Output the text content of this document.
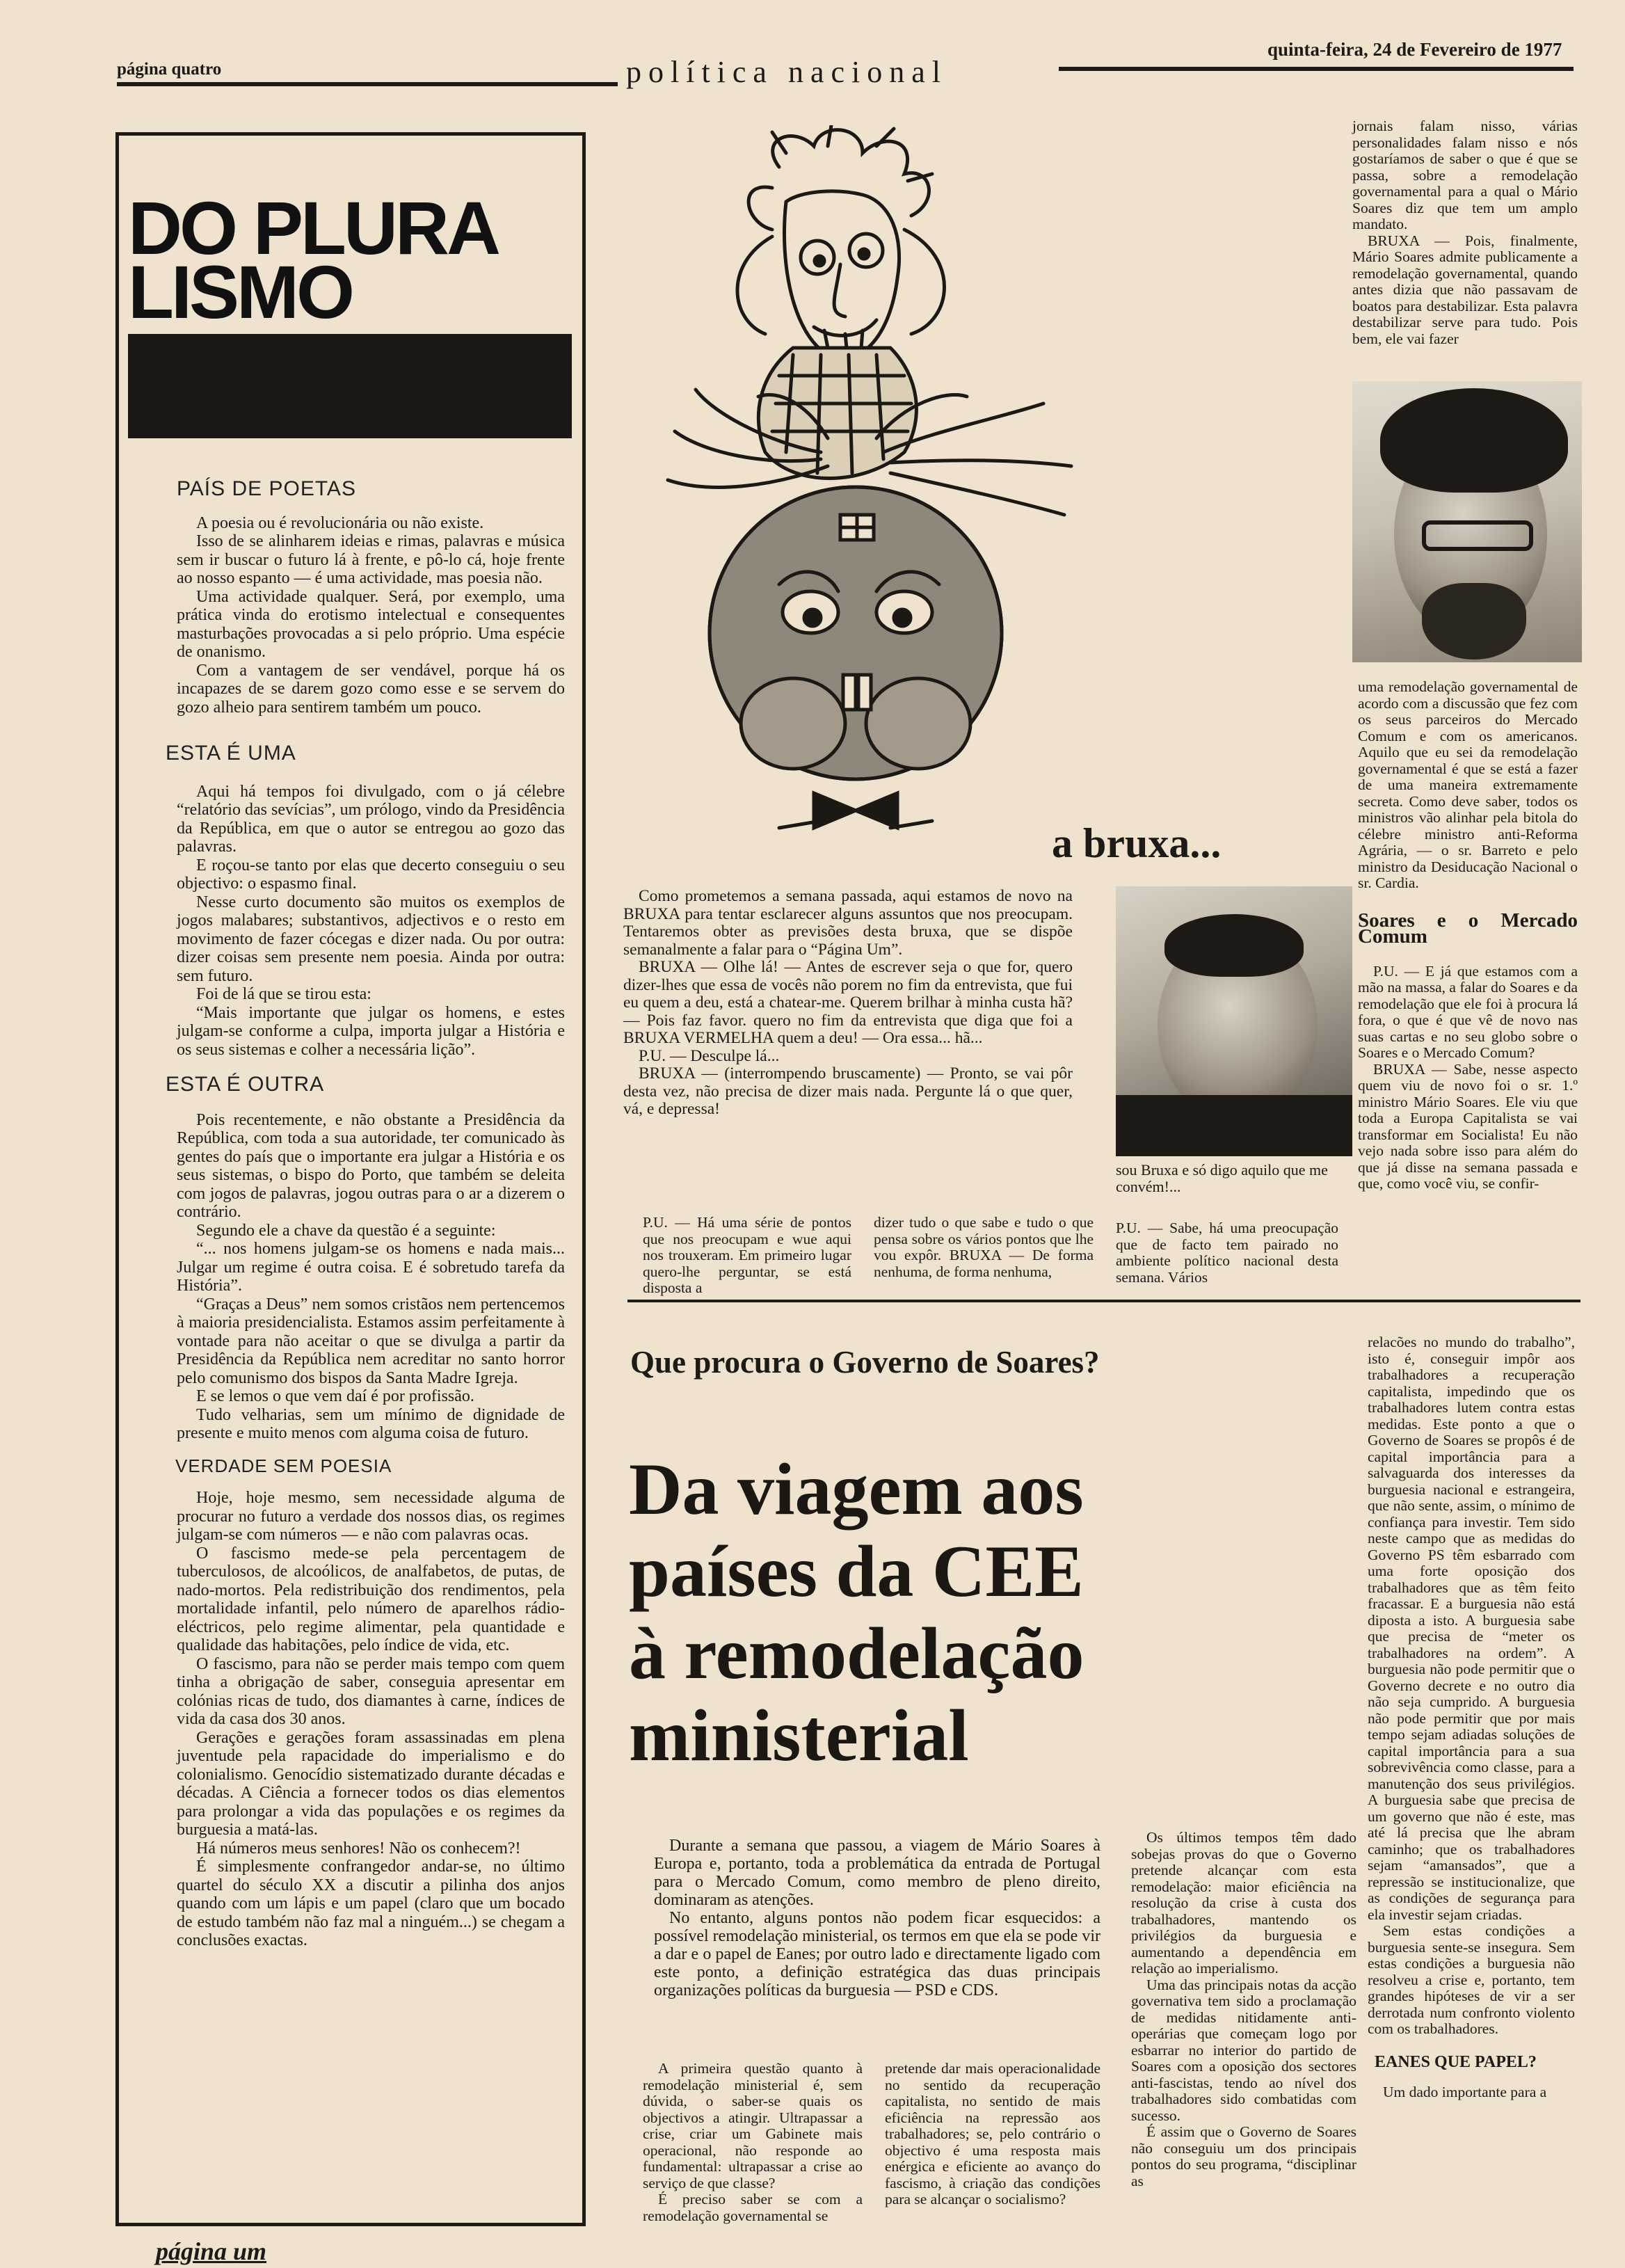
página quatro	política nacional
quinta-feira, 24 de Fevereiro de 1977
DO PLURA
LISMO
PAÍS DE POETAS

A poesia ou é revolucionária ou não existe.

Isso de se alinharem ideias e rimas, palavras e música sem ir buscar o futuro lá à frente, e pô-lo cá, hoje frente ao nosso espanto — é uma actividade, mas poesia não.

Uma actividade qualquer. Será, por exemplo, uma prática vinda do erotismo intelectual e consequentes masturbações provocadas a si pelo próprio. Uma espécie de onanismo.

Com a vantagem de ser vendável, porque há os incapazes de se darem gozo como esse e se servem do gozo alheio para sentirem também um pouco.

ESTA É UMA

Aqui há tempos foi divulgado, com o já célebre “relatório das sevícias”, um prólogo, vindo da Presidência da República, em que o autor se entregou ao gozo das palavras.

E roçou-se tanto por elas que decerto conseguiu o seu objectivo: o espasmo final.

Nesse curto documento são muitos os exemplos de jogos malabares; substantivos, adjectivos e o resto em movimento de fazer cócegas e dizer nada. Ou por outra: dizer coisas sem presente nem poesia. Ainda por outra: sem futuro.

Foi de lá que se tirou esta:

“Mais importante que julgar os homens, e estes julgam-se conforme a culpa, importa julgar a História e os seus sistemas e colher a necessária lição”.

ESTA É OUTRA

Pois recentemente, e não obstante a Presidência da República, com toda a sua autoridade, ter comunicado às gentes do país que o importante era julgar a História e os seus sistemas, o bispo do Porto, que também se deleita com jogos de palavras, jogou outras para o ar a dizerem o contrário.

Segundo ele a chave da questão é a seguinte:

“... nos homens julgam-se os homens e nada mais... Julgar um regime é outra coisa. E é sobretudo tarefa da História”.

“Graças a Deus” nem somos cristãos nem pertencemos à maioria presidencialista. Estamos assim perfeitamente à vontade para não aceitar o que se divulga a partir da Presidência da República nem acreditar no santo horror pelo comunismo dos bispos da Santa Madre Igreja.

E se lemos o que vem daí é por profissão.

Tudo velharias, sem um mínimo de dignidade de presente e muito menos com alguma coisa de futuro.

VERDADE SEM POESIA

Hoje, hoje mesmo, sem necessidade alguma de procurar no futuro a verdade dos nossos dias, os regimes julgam-se com números — e não com palavras ocas.

O fascismo mede-se pela percentagem de tuberculosos, de alcoólicos, de analfabetos, de putas, de nado-mortos. Pela redistribuição dos rendimentos, pela mortalidade infantil, pelo número de aparelhos rádio-eléctricos, pelo regime alimentar, pela quantidade e qualidade das habitações, pelo índice de vida, etc.

O fascismo, para não se perder mais tempo com quem tinha a obrigação de saber, conseguia apresentar em colónias ricas de tudo, dos diamantes à carne, índices de vida da casa dos 30 anos.

Gerações e gerações foram assassinadas em plena juventude pela rapacidade do imperialismo e do colonialismo. Genocídio sistematizado durante décadas e décadas. A Ciência a fornecer todos os dias elementos para prolongar a vida das populações e os regimes da burguesia a matá-las.

Há números meus senhores! Não os conhecem?!

É simplesmente confrangedor andar-se, no último quartel do século XX a discutir a pilinha dos anjos quando com um lápis e um papel (claro que um bocado de estudo também não faz mal a ninguém...) se chegam a conclusões exactas.

a bruxa...

Como prometemos a semana passada, aqui estamos de novo na BRUXA para tentar esclarecer alguns assuntos que nos preocupam. Tentaremos obter as previsões desta bruxa, que se dispõe semanalmente a falar para o “Página Um”.

BRUXA — Olhe lá! — Antes de escrever seja o que for, quero dizer-lhes que essa de vocês não porem no fim da entrevista, que fui eu quem a deu, está a chatear-me. Querem brilhar à minha custa hã? — Pois faz favor. quero no fim da entrevista que diga que foi a BRUXA VERMELHA quem a deu! — Ora essa... hã...

P.U. — Desculpe lá...

BRUXA — (interrompendo bruscamente) — Pronto, se vai pôr desta vez, não precisa de dizer mais nada. Pergunte lá o que quer, vá, e depressa!

sou Bruxa e só digo aquilo que me convém!...
P.U. — Há uma série de pontos que nos preocupam e wue aqui nos trouxeram. Em primeiro lugar quero-lhe perguntar, se está disposta a
dizer tudo o que sabe e tudo o que pensa sobre os vários pontos que lhe vou expôr. BRUXA — De forma nenhuma, de forma nenhuma,
P.U. — Sabe, há uma preocupação que de facto tem pairado no ambiente político nacional desta semana. Vários

jornais falam nisso, várias personalidades falam nisso e nós gostaríamos de saber o que é que se passa, sobre a remodelação governamental para a qual o Mário Soares diz que tem um amplo mandato.

BRUXA — Pois, finalmente, Mário Soares admite publicamente a remodelação governamental, quando antes dizia que não passavam de boatos para destabilizar. Esta palavra destabilizar serve para tudo. Pois bem, ele vai fazer

uma remodelação governamental de acordo com a discussão que fez com os seus parceiros do Mercado Comum e com os americanos. Aquilo que eu sei da remodelação governamental é que se está a fazer de uma maneira extremamente secreta. Como deve saber, todos os ministros vão alinhar pela bitola do célebre ministro anti-Reforma Agrária, — o sr. Barreto e pelo ministro da Desiducação Nacional o sr. Cardia.

Soares e o Mercado Comum

P.U. — E já que estamos com a mão na massa, a falar do Soares e da remodelação que ele foi à procura lá fora, o que é que vê de novo nas suas cartas e no seu globo sobre o Soares e o Mercado Comum?

BRUXA — Sabe, nesse aspecto quem viu de novo foi o sr. 1.º ministro Mário Soares. Ele viu que toda a Europa Capitalista se vai transformar em Socialista! Eu não vejo nada sobre isso para além do que já disse na semana passada e que, como você viu, se confir-

Que procura o Governo de Soares?
Da viagem aos
países da CEE
à remodelação
ministerial

Durante a semana que passou, a viagem de Mário Soares à Europa e, portanto, toda a problemática da entrada de Portugal para o Mercado Comum, como membro de pleno direito, dominaram as atenções.

No entanto, alguns pontos não podem ficar esquecidos: a possível remodelação ministerial, os termos em que ela se pode vir a dar e o papel de Eanes; por outro lado e directamente ligado com este ponto, a definição estratégica das duas principais organizações políticas da burguesia — PSD e CDS.

A primeira questão quanto à remodelação ministerial é, sem dúvida, o saber-se quais os objectivos a atingir. Ultrapassar a crise, criar um Gabinete mais operacional, não responde ao fundamental: ultrapassar a crise ao serviço de que classe?

É preciso saber se com a remodelação governamental se

pretende dar mais operacionalidade no sentido da recuperação capitalista, no sentido de mais eficiência na repressão aos trabalhadores; se, pelo contrário o objectivo é uma resposta mais enérgica e eficiente ao avanço do fascismo, à criação das condições para se alcançar o socialismo?

Os últimos tempos têm dado sobejas provas do que o Governo pretende alcançar com esta remodelação: maior eficiência na resolução da crise à custa dos trabalhadores, mantendo os privilégios da burguesia e aumentando a dependência em relação ao imperialismo.

Uma das principais notas da acção governativa tem sido a proclamação de medidas nitidamente anti-operárias que começam logo por esbarrar no interior do partido de Soares com a oposição dos sectores anti-fascistas, tendo ao nível dos trabalhadores sido combatidas com sucesso.

É assim que o Governo de Soares não conseguiu um dos principais pontos do seu programa, “disciplinar as

relacões no mundo do trabalho”, isto é, conseguir impôr aos trabalhadores a recuperação capitalista, impedindo que os trabalhadores lutem contra estas medidas. Este ponto a que o Governo de Soares se propôs é de capital importância para a salvaguarda dos interesses da burguesia nacional e estrangeira, que não sente, assim, o mínimo de confiança para investir. Tem sido neste campo que as medidas do Governo PS têm esbarrado com uma forte oposição dos trabalhadores que as têm feito fracassar. E a burguesia não está diposta a isto. A burguesia sabe que precisa de “meter os trabalhadores na ordem”. A burguesia não pode permitir que o Governo decrete e no outro dia não seja cumprido. A burguesia não pode permitir que por mais tempo sejam adiadas soluções de capital importância para a sua sobrevivência como classe, para a manutenção dos seus privilégios. A burguesia sabe que precisa de um governo que não é este, mas até lá precisa que lhe abram caminho; que os trabalhadores sejam “amansados”, que a repressão se institucionalize, que as condições de segurança para ela investir sejam criadas.

Sem estas condições a burguesia sente-se insegura. Sem estas condições a burguesia não resolveu a crise e, portanto, tem grandes hipóteses de vir a ser derrotada num confronto violento com os trabalhadores.

EANES QUE PAPEL?

Um dado importante para a

página um
